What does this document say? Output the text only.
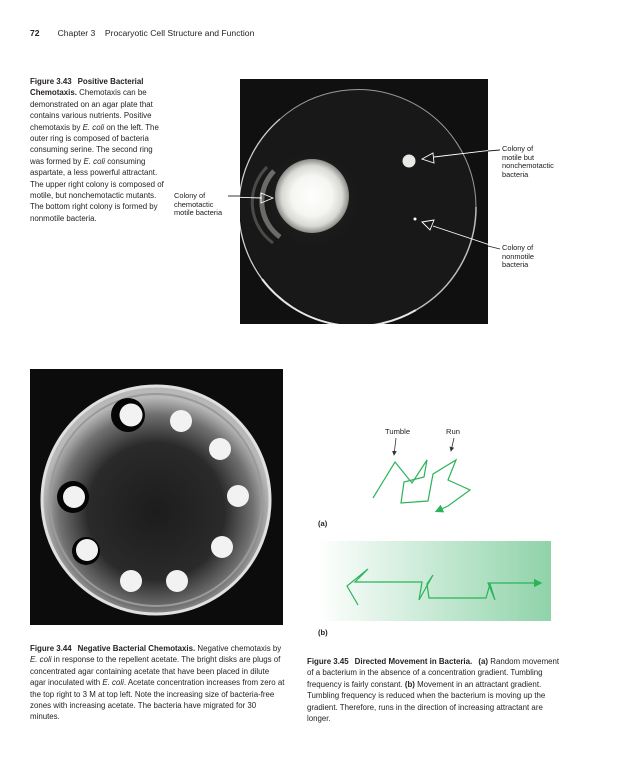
72 Chapter 3    Procaryotic Cell Structure and Function
Figure 3.43 Positive Bacterial Chemotaxis. Chemotaxis can be demonstrated on an agar plate that contains various nutrients. Positive chemotaxis by E. coli on the left. The outer ring is composed of bacteria consuming serine. The second ring was formed by E. coli consuming aspartate, a less powerful attractant. The upper right colony is composed of motile, but nonchemotactic mutants. The bottom right colony is formed by nonmotile bacteria.
Colony of
chemotactic
motile bacteria
Colony of
motile but
nonchemotactic
bacteria
Colony of
nonmotile
bacteria
Figure 3.44 Negative Bacterial Chemotaxis. Negative chemotaxis by E. coli in response to the repellent acetate. The bright disks are plugs of concentrated agar containing acetate that have been placed in dilute agar inoculated with E. coli. Acetate concentration increases from zero at the top right to 3 M at top left. Note the increasing size of bacteria-free zones with increasing acetate. The bacteria have migrated for 30 minutes.
Tumble	Run
(a)
(b)
Figure 3.45 Directed Movement in Bacteria. (a) Random movement of a bacterium in the absence of a concentration gradient. Tumbling frequency is fairly constant. (b) Movement in an attractant gradient. Tumbling frequency is reduced when the bacterium is moving up the gradient. Therefore, runs in the direction of increasing attractant are longer.
